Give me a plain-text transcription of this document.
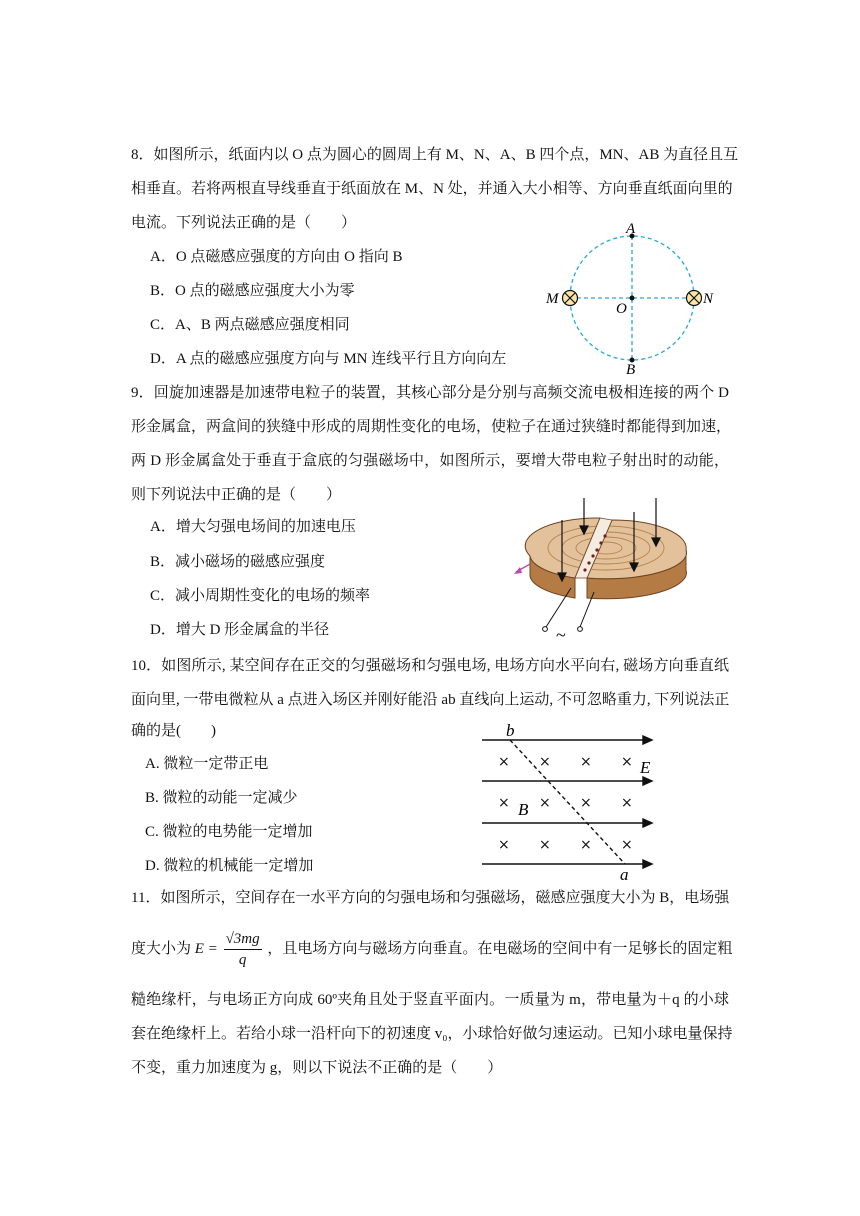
8．如图所示，纸面内以 O 点为圆心的圆周上有 M、N、A、B 四个点，MN、AB 为直径且互
相垂直。若将两根直导线垂直于纸面放在 M、N 处，并通入大小相等、方向垂直纸面向里的
电流。下列说法正确的是（　　）
A．O 点磁感应强度的方向由 O 指向 B
B．O 点的磁感应强度大小为零
C．A、B 两点磁感应强度相同
D．A 点的磁感应强度方向与 MN 连线平行且方向向左
A
B
M	N
O
9．回旋加速器是加速带电粒子的装置，其核心部分是分别与高频交流电极相连接的两个 D
形金属盒，两盒间的狭缝中形成的周期性变化的电场，使粒子在通过狭缝时都能得到加速，
两 D 形金属盒处于垂直于盒底的匀强磁场中，如图所示，要增大带电粒子射出时的动能，
则下列说法中正确的是（　　）
A．增大匀强电场间的加速电压
B．减小磁场的磁感应强度
C．减小周期性变化的电场的频率
D．增大 D 形金属盒的半径	~
10．如图所示, 某空间存在正交的匀强磁场和匀强电场, 电场方向水平向右, 磁场方向垂直纸
面向里, 一带电微粒从 a 点进入场区并刚好能沿 ab 直线向上运动, 不可忽略重力, 下列说法正
确的是(　　)
A. 微粒一定带正电
B. 微粒的动能一定减少
C. 微粒的电势能一定增加
D. 微粒的机械能一定增加
× × × ×
× × × ×
× × × ×
b
a
E
B
11．如图所示，空间存在一水平方向的匀强电场和匀强磁场，磁感应强度大小为 B，电场强
度大小为 $E = \frac{√3mg}{q}$ ，且电场方向与磁场方向垂直。在电磁场的空间中有一足够长的固定粗
糙绝缘杆，与电场正方向成 60º夹角且处于竖直平面内。一质量为 m，带电量为＋q 的小球
套在绝缘杆上。若给小球一沿杆向下的初速度 v₀，小球恰好做匀速运动。已知小球电量保持
不变，重力加速度为 g，则以下说法不正确的是（　　）
